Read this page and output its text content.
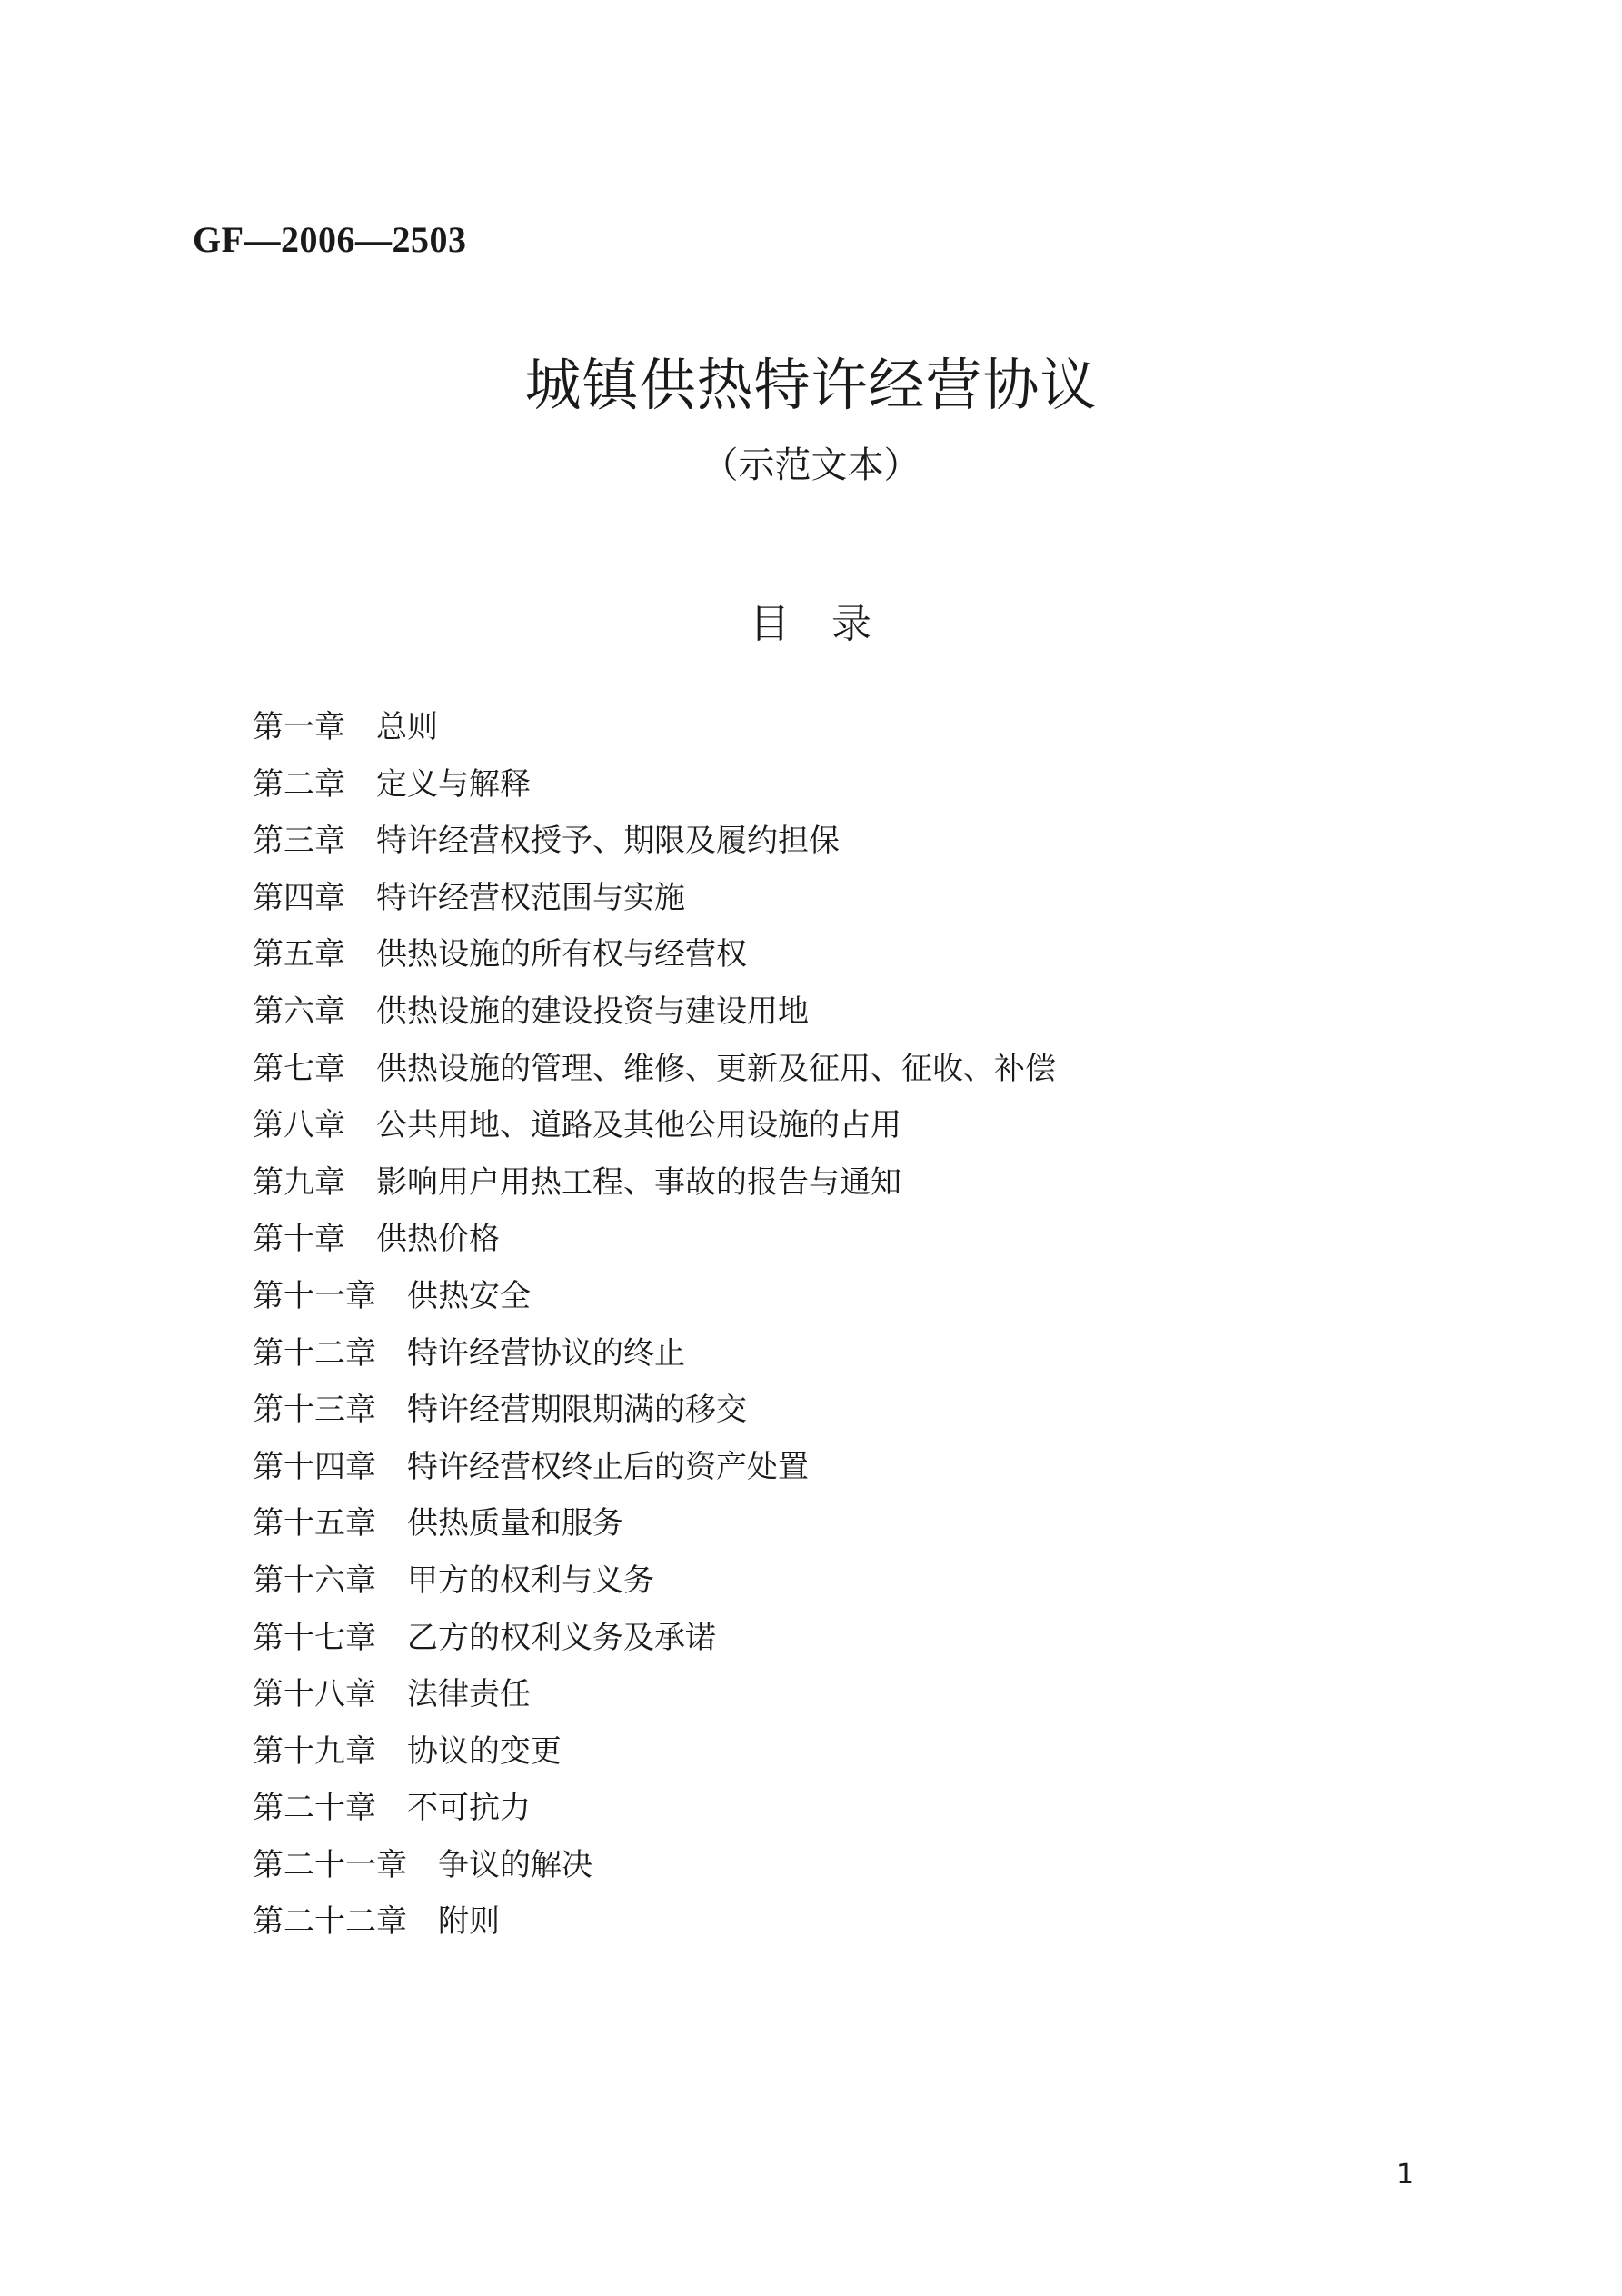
GF—2006—2503
城镇供热特许经营协议
（示范文本）
目　录
第一章 总则
第二章 定义与解释
第三章 特许经营权授予、期限及履约担保
第四章 特许经营权范围与实施
第五章 供热设施的所有权与经营权
第六章 供热设施的建设投资与建设用地
第七章 供热设施的管理、维修、更新及征用、征收、补偿
第八章 公共用地、道路及其他公用设施的占用
第九章 影响用户用热工程、事故的报告与通知
第十章 供热价格
第十一章 供热安全
第十二章 特许经营协议的终止
第十三章 特许经营期限期满的移交
第十四章 特许经营权终止后的资产处置
第十五章 供热质量和服务
第十六章 甲方的权利与义务
第十七章 乙方的权利义务及承诺
第十八章 法律责任
第十九章 协议的变更
第二十章 不可抗力
第二十一章 争议的解决
第二十二章 附则
1
